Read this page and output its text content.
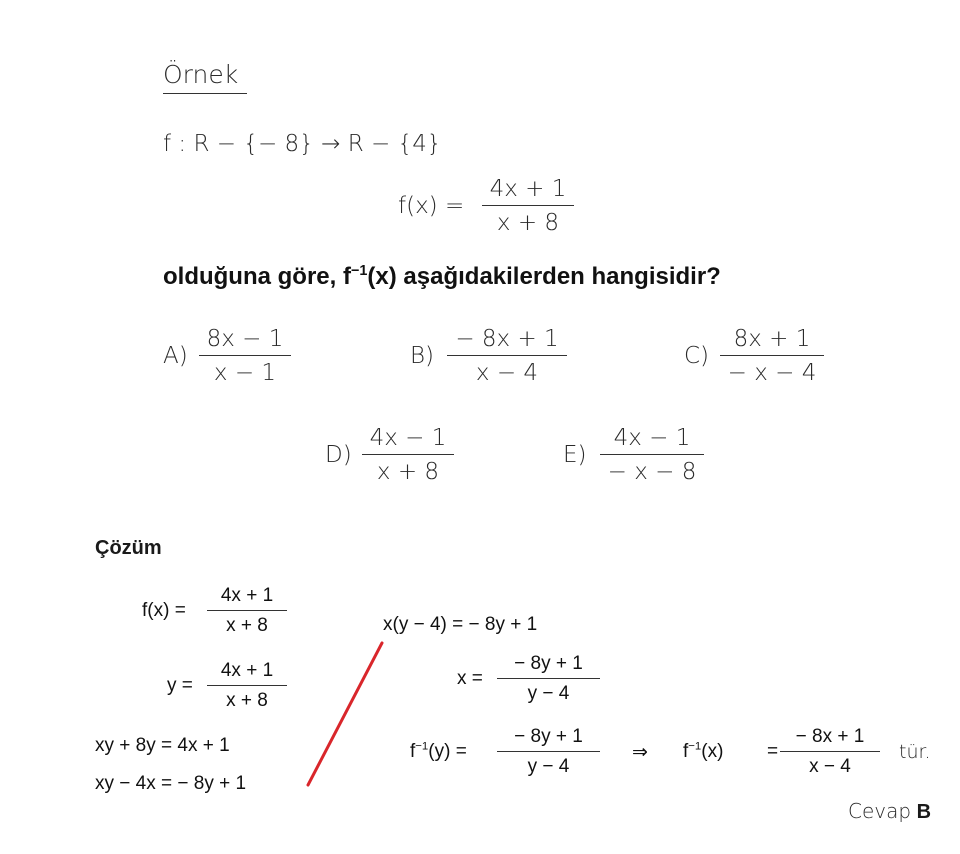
Örnek
f : R − {− 8} → R − {4}
f(x) =
4x + 1
x + 8
olduğuna göre, $f^{-1}(x)$ aşağıdakilerden hangisidir?
A)
8x − 1
x − 1
B)
− 8x + 1
x − 4
C)
8x + 1
− x − 4
D)
4x − 1
x + 8
E)
4x − 1
− x − 8
Çözüm
f(x) =
4x + 1
x + 8
y =
4x + 1
x + 8
xy + 8y = 4x + 1
xy − 4x = − 8y + 1
x(y − 4) = − 8y + 1
x =
− 8y + 1
y − 4
$f^{-1}(y)$ =
− 8y + 1
y − 4
⇒ $f^{-1}(x)$ =
− 8x + 1
x − 4
tür.
Cevap B
